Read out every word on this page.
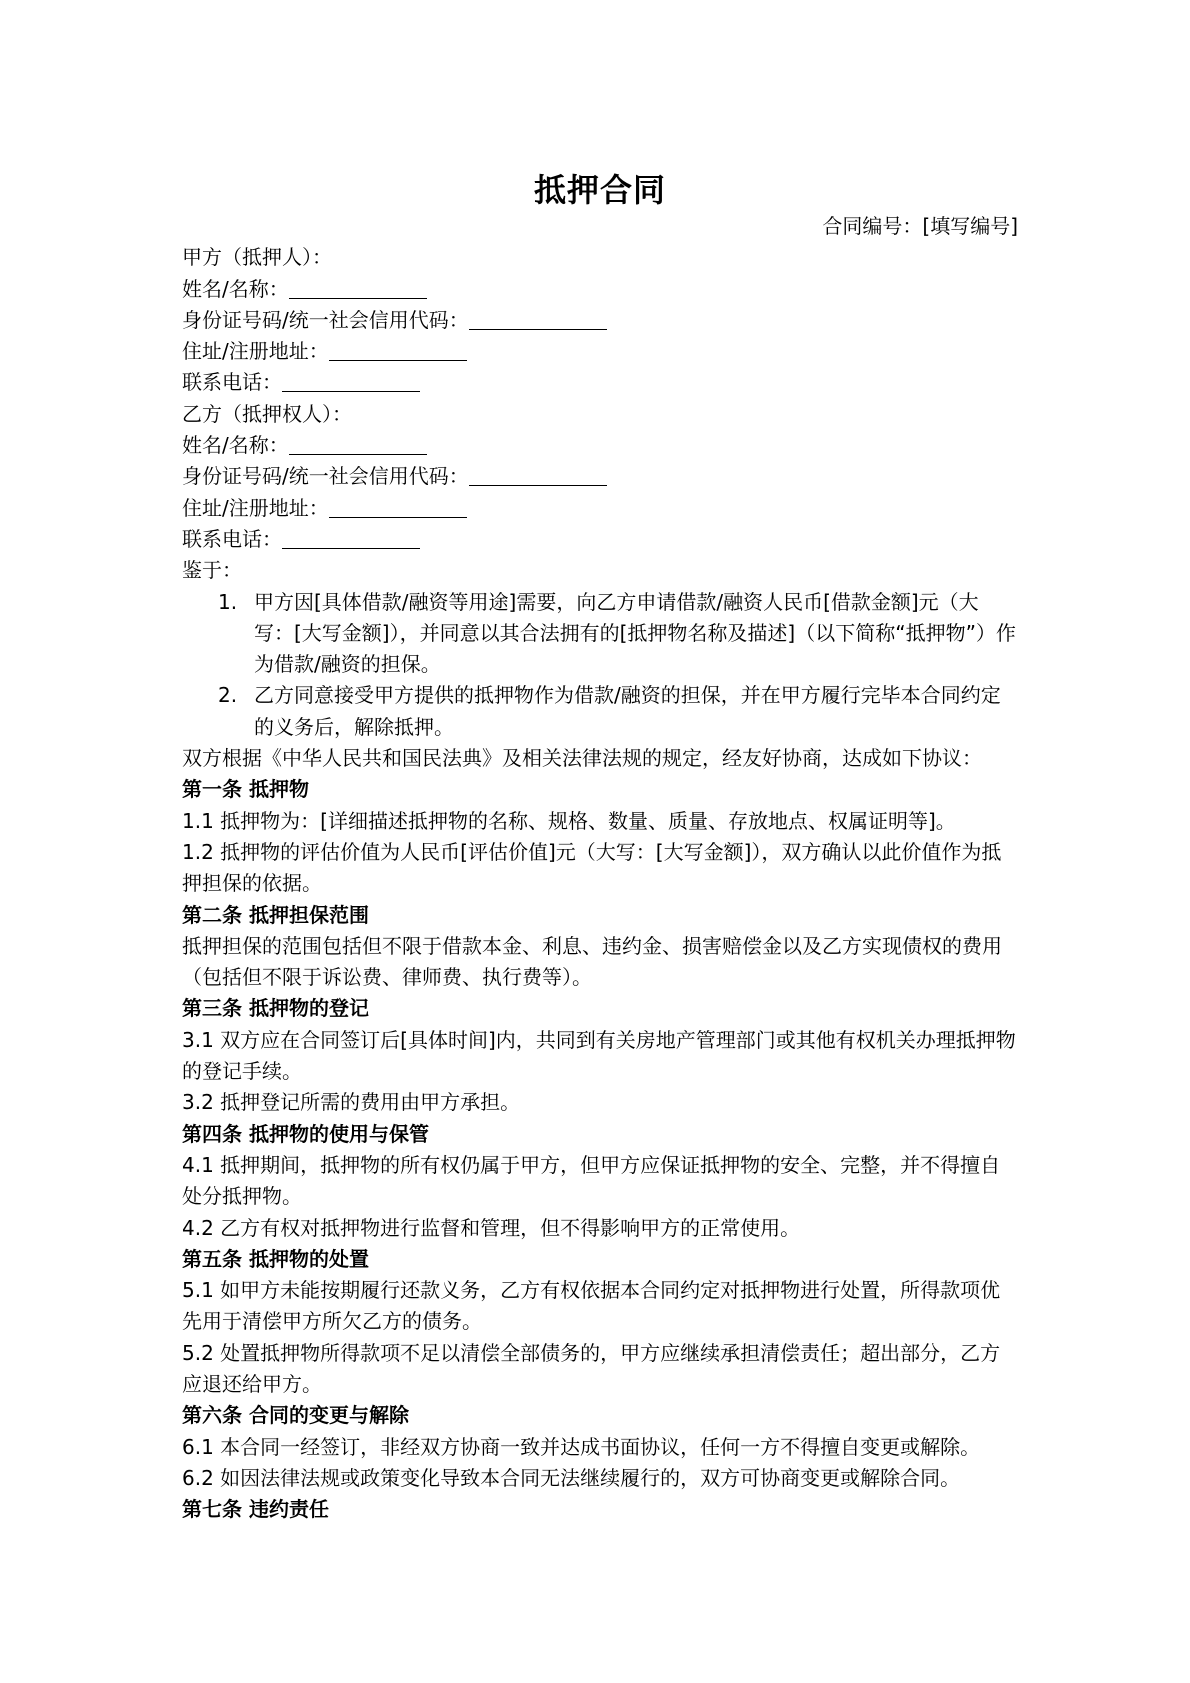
抵押合同
合同编号：[填写编号]

甲方（抵押人）：

姓名/名称：

身份证号码/统一社会信用代码：

住址/注册地址：

联系电话：

乙方（抵押权人）：

姓名/名称：

身份证号码/统一社会信用代码：

住址/注册地址：

联系电话：

鉴于：

1. 甲方因[具体借款/融资等用途]需要，向乙方申请借款/融资人民币[借款金额]元（大写：[大写金额]），并同意以其合法拥有的[抵押物名称及描述]（以下简称“抵押物”）作为借款/融资的担保。
2. 乙方同意接受甲方提供的抵押物作为借款/融资的担保，并在甲方履行完毕本合同约定的义务后，解除抵押。

双方根据《中华人民共和国民法典》及相关法律法规的规定，经友好协商，达成如下协议：

第一条 抵押物

1.1 抵押物为：[详细描述抵押物的名称、规格、数量、质量、存放地点、权属证明等]。

1.2 抵押物的评估价值为人民币[评估价值]元（大写：[大写金额]），双方确认以此价值作为抵押担保的依据。

第二条 抵押担保范围

抵押担保的范围包括但不限于借款本金、利息、违约金、损害赔偿金以及乙方实现债权的费用（包括但不限于诉讼费、律师费、执行费等）。

第三条 抵押物的登记

3.1 双方应在合同签订后[具体时间]内，共同到有关房地产管理部门或其他有权机关办理抵押物的登记手续。

3.2 抵押登记所需的费用由甲方承担。

第四条 抵押物的使用与保管

4.1 抵押期间，抵押物的所有权仍属于甲方，但甲方应保证抵押物的安全、完整，并不得擅自处分抵押物。

4.2 乙方有权对抵押物进行监督和管理，但不得影响甲方的正常使用。

第五条 抵押物的处置

5.1 如甲方未能按期履行还款义务，乙方有权依据本合同约定对抵押物进行处置，所得款项优先用于清偿甲方所欠乙方的债务。

5.2 处置抵押物所得款项不足以清偿全部债务的，甲方应继续承担清偿责任；超出部分，乙方应退还给甲方。

第六条 合同的变更与解除

6.1 本合同一经签订，非经双方协商一致并达成书面协议，任何一方不得擅自变更或解除。

6.2 如因法律法规或政策变化导致本合同无法继续履行的，双方可协商变更或解除合同。

第七条 违约责任
